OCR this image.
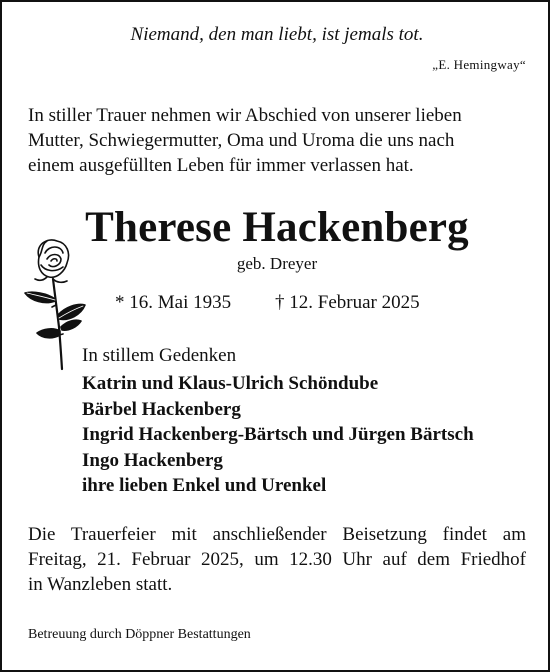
Niemand, den man liebt, ist jemals tot.
„E. Hemingway“
In stiller Trauer nehmen wir Abschied von unserer lieben
Mutter, Schwiegermutter, Oma und Uroma die uns nach
einem ausgefüllten Leben für immer verlassen hat.
Therese Hackenberg
geb. Dreyer
* 16. Mai 1935 † 12. Februar 2025
In stillem Gedenken
Katrin und Klaus-Ulrich Schöndube
Bärbel Hackenberg
Ingrid Hackenberg-Bärtsch und Jürgen Bärtsch
Ingo Hackenberg
ihre lieben Enkel und Urenkel
Die Trauerfeier mit anschließender Beisetzung findet am
Freitag, 21. Februar 2025, um 12.30 Uhr auf dem Friedhof
in Wanzleben statt.
Betreuung durch Döppner Bestattungen
